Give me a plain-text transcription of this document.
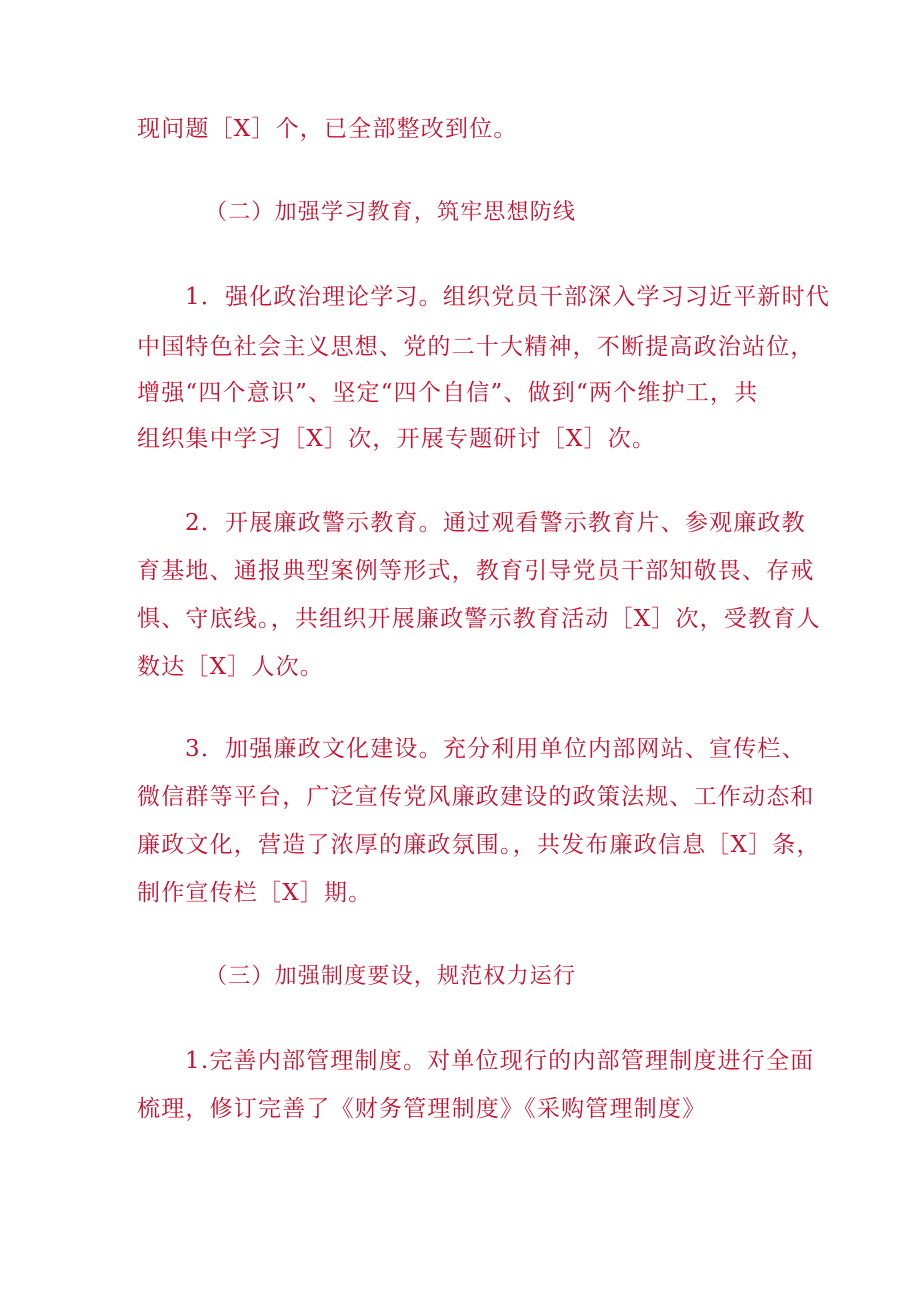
现问题［X］个，已全部整改到位。
（二）加强学习教育，筑牢思想防线
1．强化政治理论学习。组织党员干部深入学习习近平新时代
中国特色社会主义思想、党的二十大精神，不断提高政治站位，
增强“四个意识”、坚定“四个自信”、做到“两个维护工，共
组织集中学习［X］次，开展专题研讨［X］次。
2．开展廉政警示教育。通过观看警示教育片、参观廉政教
育基地、通报典型案例等形式，教育引导党员干部知敬畏、存戒
惧、守底线。，共组织开展廉政警示教育活动［X］次，受教育人
数达［X］人次。
3．加强廉政文化建设。充分利用单位内部网站、宣传栏、
微信群等平台，广泛宣传党风廉政建设的政策法规、工作动态和
廉政文化，营造了浓厚的廉政氛围。，共发布廉政信息［X］条，
制作宣传栏［X］期。
（三）加强制度要设，规范权力运行
1.完善内部管理制度。对单位现行的内部管理制度进行全面
梳理，修订完善了《财务管理制度》《采购管理制度》
